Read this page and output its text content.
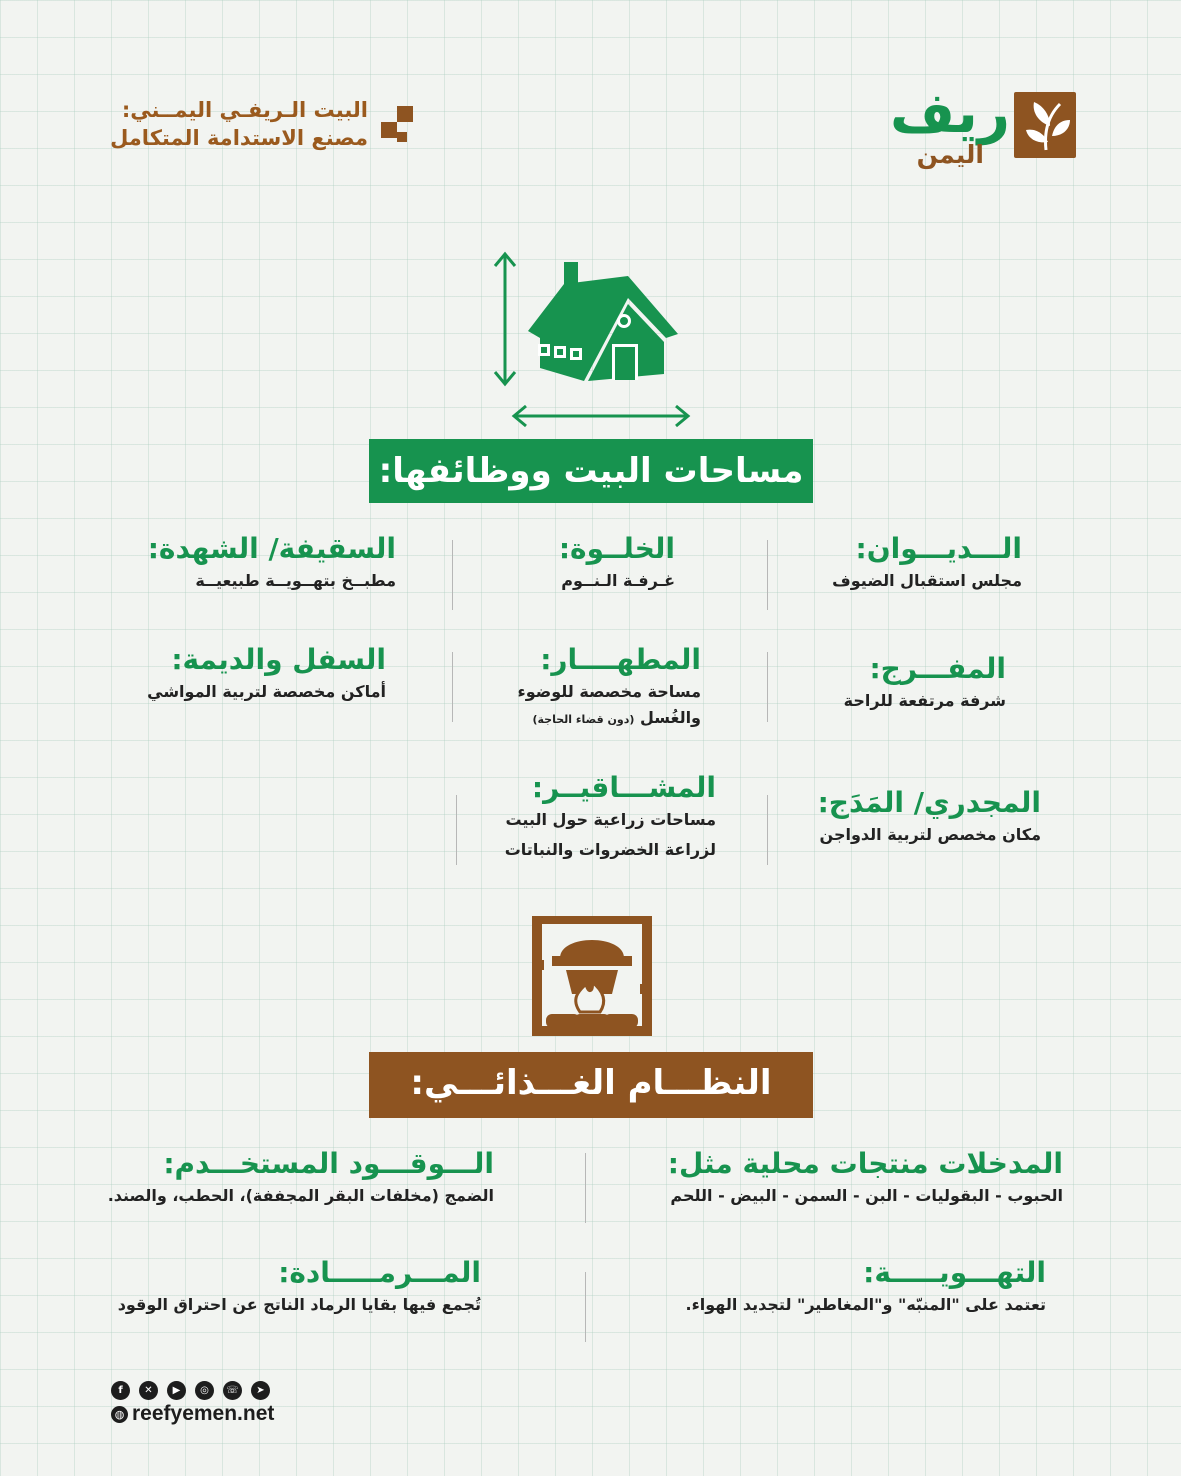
البيت الـريفـي اليمــني:
مصنع الاستدامة المتكامل	ريف
اليمن
مساحات البيت ووظائفها:
الـــديـــوان:
مجلس استقبال الضيوف
الخلــوة:
غـرفـة الـنــوم
السقيفة/ الشهدة:
مطبــخ بتهــويــة طبيعيــة
المفـــرج:
شرفة مرتفعة للراحة
المطهــــار:
مساحة مخصصة للوضوء
والغُسل (دون قضاء الحاجة)
السفل والديمة:
أماكن مخصصة لتربية المواشي
المجدري/ المَدَج:
مكان مخصص لتربية الدواجن
المشـــاقيــر:
مساحات زراعية حول البيت
لزراعة الخضروات والنباتات
النظـــام الغـــذائـــي:
المدخلات منتجات محلية مثل:
الحبوب - البقوليات - البن - السمن - البيض - اللحم
الـــوقـــود المستخـــدم:
الضمج (مخلفات البقر المجففة)، الحطب، والصند.
التهـــويـــــة:
تعتمد على "المنبّه" و"المغاطير" لتجديد الهواء.
المـــرمـــــادة:
تُجمع فيها بقايا الرماد الناتج عن احتراق الوقود
f	✕	▶	◎	☏	➤
◍ reefyemen.net
